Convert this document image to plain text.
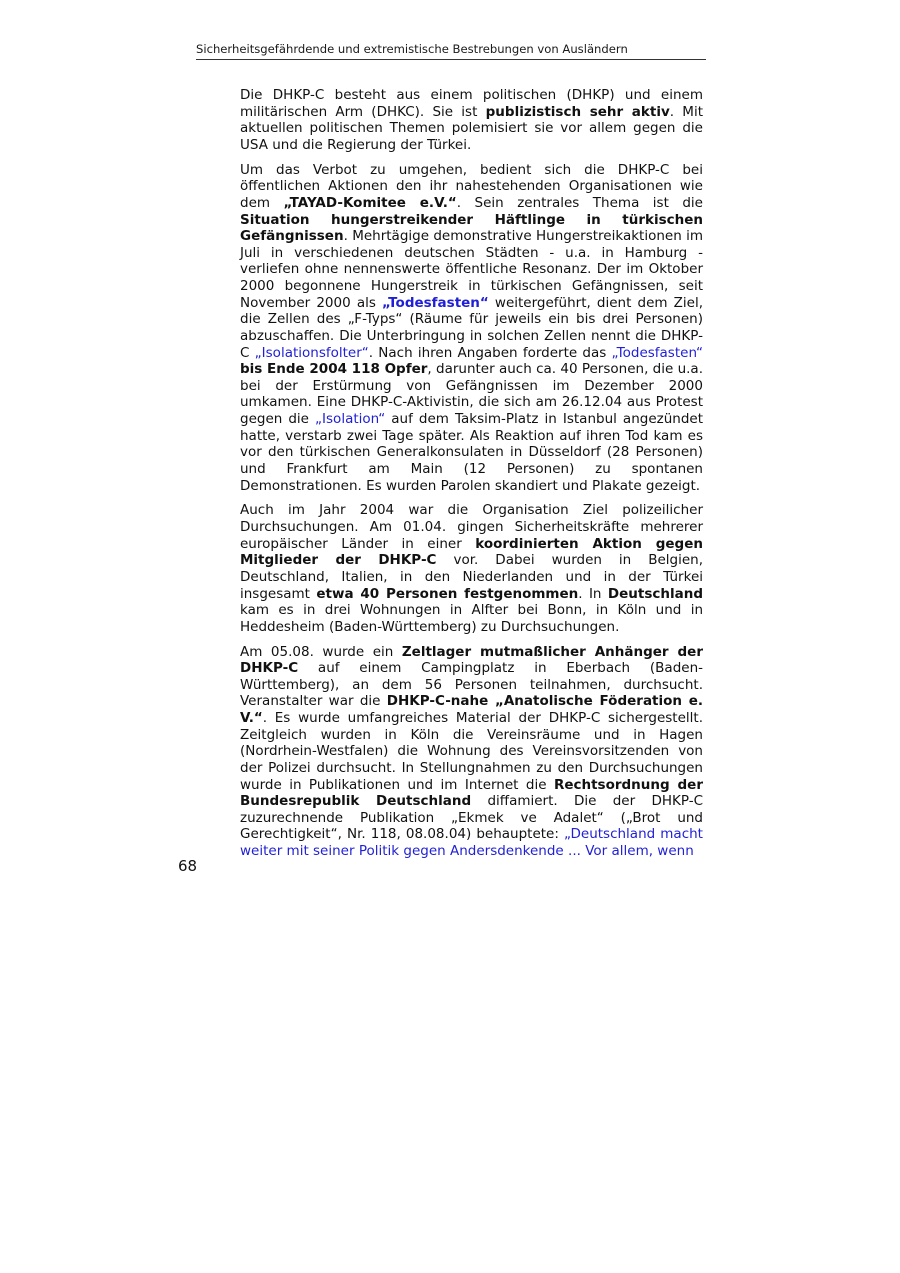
Sicherheitsgefährdende und extremistische Bestrebungen von Ausländern

Die DHKP-C besteht aus einem politischen (DHKP) und einem militärischen Arm (DHKC). Sie ist publizistisch sehr aktiv. Mit aktuellen politischen Themen polemisiert sie vor allem gegen die USA und die Regierung der Türkei.

Um das Verbot zu umgehen, bedient sich die DHKP-C bei öffentlichen Aktionen den ihr nahestehenden Organisationen wie dem „TAYAD-Komitee e.V.“. Sein zentrales Thema ist die Situation hungerstreikender Häftlinge in türkischen Gefängnissen. Mehrtägige demonstrative Hungerstreikaktionen im Juli in verschiedenen deutschen Städten - u.a. in Hamburg - verliefen ohne nennenswerte öffentliche Resonanz. Der im Oktober 2000 begonnene Hungerstreik in türkischen Gefängnissen, seit November 2000 als „Todesfasten“ weitergeführt, dient dem Ziel, die Zellen des „F-Typs“ (Räume für jeweils ein bis drei Personen) abzuschaffen. Die Unterbringung in solchen Zellen nennt die DHKP-C „Isolationsfolter“. Nach ihren Angaben forderte das „Todesfasten“ bis Ende 2004 118 Opfer, darunter auch ca. 40 Personen, die u.a. bei der Erstürmung von Gefängnissen im Dezember 2000 umkamen. Eine DHKP-C-Aktivistin, die sich am 26.12.04 aus Protest gegen die „Isolation“ auf dem Taksim-Platz in Istanbul angezündet hatte, verstarb zwei Tage später. Als Reaktion auf ihren Tod kam es vor den türkischen Generalkonsulaten in Düsseldorf (28 Personen) und Frankfurt am Main (12 Personen) zu spontanen Demonstrationen. Es wurden Parolen skandiert und Plakate gezeigt.

Auch im Jahr 2004 war die Organisation Ziel polizeilicher Durchsuchungen. Am 01.04. gingen Sicherheitskräfte mehrerer europäischer Länder in einer koordinierten Aktion gegen Mitglieder der DHKP-C vor. Dabei wurden in Belgien, Deutschland, Italien, in den Niederlanden und in der Türkei insgesamt etwa 40 Personen festgenommen. In Deutschland kam es in drei Wohnungen in Alfter bei Bonn, in Köln und in Heddesheim (Baden-Württemberg) zu Durchsuchungen.

Am 05.08. wurde ein Zeltlager mutmaßlicher Anhänger der DHKP-C auf einem Campingplatz in Eberbach (Baden-Württemberg), an dem 56 Personen teilnahmen, durchsucht. Veranstalter war die DHKP-C-nahe „Anatolische Föderation e. V.“. Es wurde umfangreiches Material der DHKP-C sichergestellt. Zeitgleich wurden in Köln die Vereinsräume und in Hagen (Nordrhein-Westfalen) die Wohnung des Vereinsvorsitzenden von der Polizei durchsucht. In Stellungnahmen zu den Durchsuchungen wurde in Publikationen und im Internet die Rechtsordnung der Bundesrepublik Deutschland diffamiert. Die der DHKP-C zuzurechnende Publikation „Ekmek ve Adalet“ („Brot und Gerechtigkeit“, Nr. 118, 08.08.04) behauptete: „Deutschland macht weiter mit seiner Politik gegen Andersdenkende ... Vor allem, wenn

68
